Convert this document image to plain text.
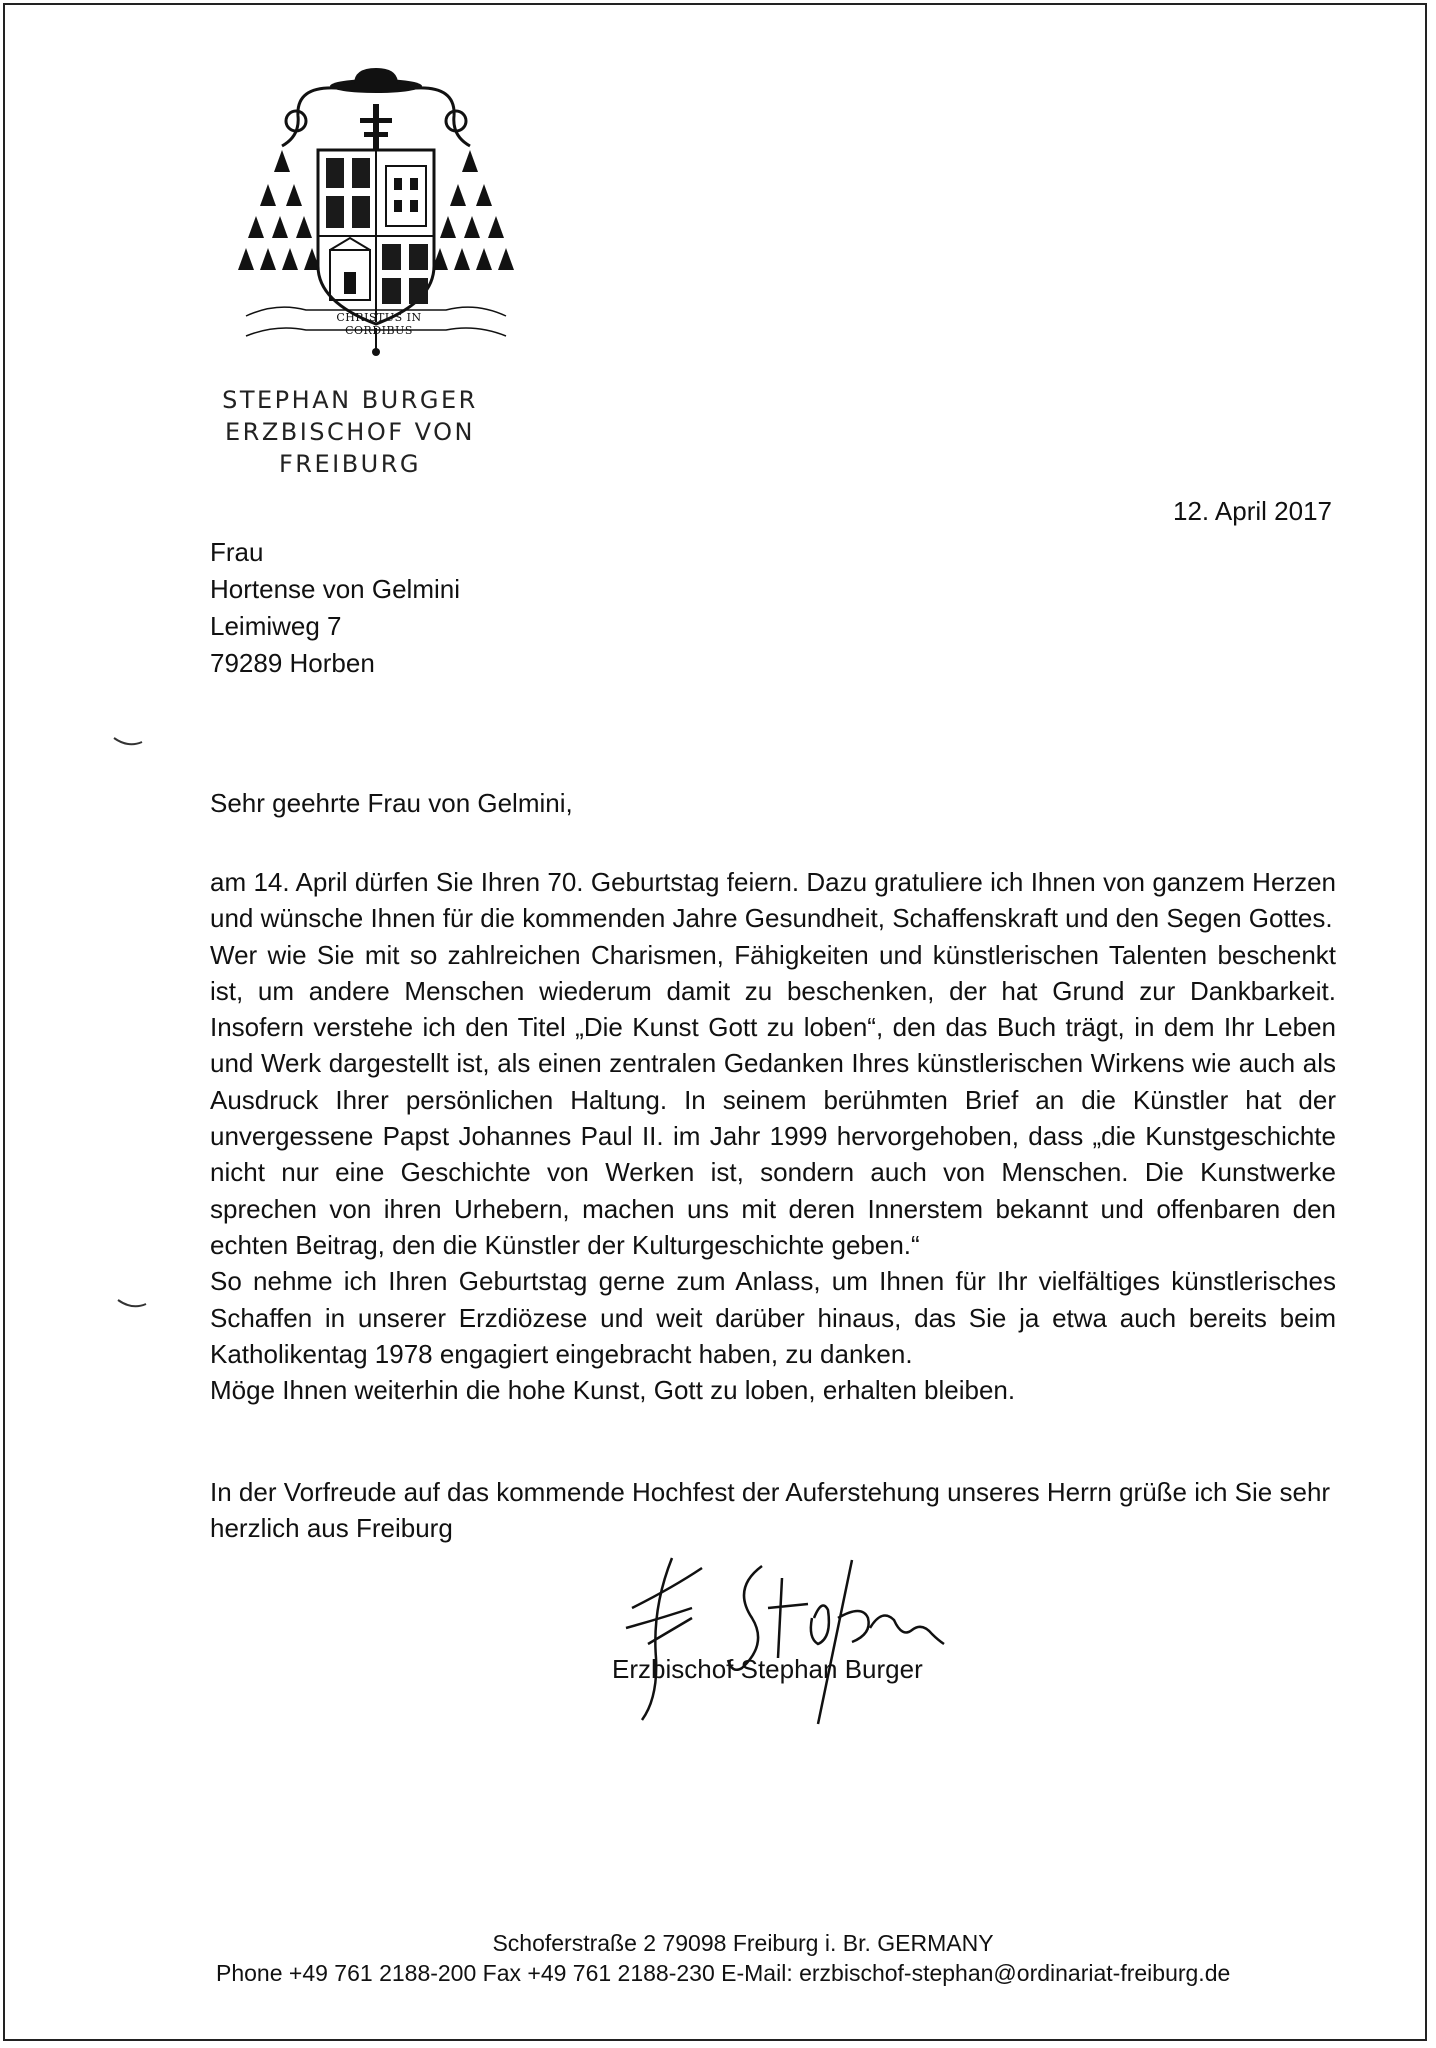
CHRISTUS IN CORDIBUS
STEPHAN BURGER
ERZBISCHOF VON FREIBURG
12. April 2017
Frau
Hortense von Gelmini
Leimiweg 7
79289 Horben
Sehr geehrte Frau von Gelmini,

am 14. April dürfen Sie Ihren 70. Geburtstag feiern. Dazu gratuliere ich Ihnen von ganzem Herzen und wünsche Ihnen für die kommenden Jahre Gesundheit, Schaffenskraft und den Segen Gottes.

Wer wie Sie mit so zahlreichen Charismen, Fähigkeiten und künstlerischen Talenten beschenkt ist, um andere Menschen wiederum damit zu beschenken, der hat Grund zur Dankbarkeit. Insofern verstehe ich den Titel „Die Kunst Gott zu loben“, den das Buch trägt, in dem Ihr Leben und Werk dargestellt ist, als einen zentralen Gedanken Ihres künstlerischen Wirkens wie auch als Ausdruck Ihrer persönlichen Haltung. In seinem berühmten Brief an die Künstler hat der unvergessene Papst Johannes Paul II. im Jahr 1999 hervorgehoben, dass „die Kunstgeschichte nicht nur eine Geschichte von Werken ist, sondern auch von Menschen. Die Kunstwerke sprechen von ihren Urhebern, machen uns mit deren Innerstem bekannt und offenbaren den echten Beitrag, den die Künstler der Kulturgeschichte geben.“

So nehme ich Ihren Geburtstag gerne zum Anlass, um Ihnen für Ihr vielfältiges künstlerisches Schaffen in unserer Erzdiözese und weit darüber hinaus, das Sie ja etwa auch bereits beim Katholikentag 1978 engagiert eingebracht haben, zu danken.

Möge Ihnen weiterhin die hohe Kunst, Gott zu loben, erhalten bleiben.

In der Vorfreude auf das kommende Hochfest der Auferstehung unseres Herrn grüße ich Sie sehr herzlich aus Freiburg
Erzbischof Stephan Burger
Schoferstraße 2 79098 Freiburg i. Br. GERMANY
Phone +49 761 2188-200 Fax +49 761 2188-230 E-Mail: erzbischof-stephan@ordinariat-freiburg.de
